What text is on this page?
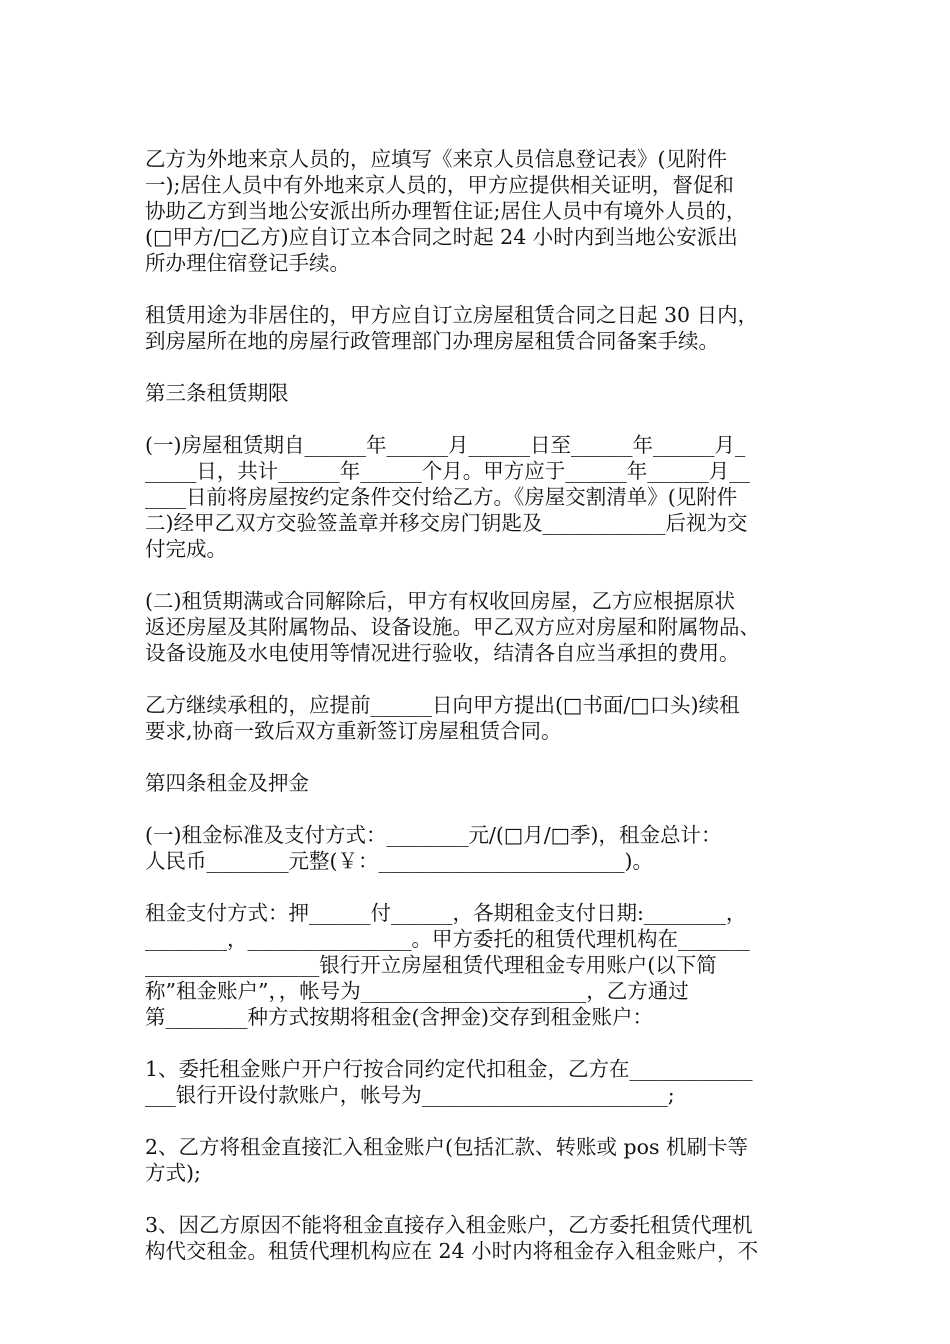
乙方为外地来京人员的，应填写《来京人员信息登记表》(见附件
一);居住人员中有外地来京人员的，甲方应提供相关证明，督促和
协助乙方到当地公安派出所办理暂住证;居住人员中有境外人员的，
(□甲方/□乙方)应自订立本合同之时起 24 小时内到当地公安派出
所办理住宿登记手续。
租赁用途为非居住的，甲方应自订立房屋租赁合同之日起 30 日内，
到房屋所在地的房屋行政管理部门办理房屋租赁合同备案手续。
第三条租赁期限
(一)房屋租赁期自______年______月______日至______年______月_
_____日，共计______年______个月。甲方应于______年______月__
____日前将房屋按约定条件交付给乙方。《房屋交割清单》(见附件
二)经甲乙双方交验签盖章并移交房门钥匙及____________后视为交
付完成。
(二)租赁期满或合同解除后，甲方有权收回房屋，乙方应根据原状
返还房屋及其附属物品、设备设施。甲乙双方应对房屋和附属物品、
设备设施及水电使用等情况进行验收，结清各自应当承担的费用。
乙方继续承租的，应提前______日向甲方提出(□书面/□口头)续租
要求,协商一致后双方重新签订房屋租赁合同。
第四条租金及押金
(一)租金标准及支付方式：________元/(□月/□季)，租金总计：
人民币________元整(￥：________________________)。
租金支付方式：押______付______，各期租金支付日期:________，
________，________________。甲方委托的租赁代理机构在_______
_________________银行开立房屋租赁代理租金专用账户(以下简
称”租金账户”，，帐号为______________________，乙方通过
第________种方式按期将租金(含押金)交存到租金账户：
1、委托租金账户开户行按合同约定代扣租金，乙方在____________
___银行开设付款账户，帐号为________________________;
2、乙方将租金直接汇入租金账户(包括汇款、转账或 pos 机刷卡等
方式);
3、因乙方原因不能将租金直接存入租金账户，乙方委托租赁代理机
构代交租金。租赁代理机构应在 24 小时内将租金存入租金账户，不
